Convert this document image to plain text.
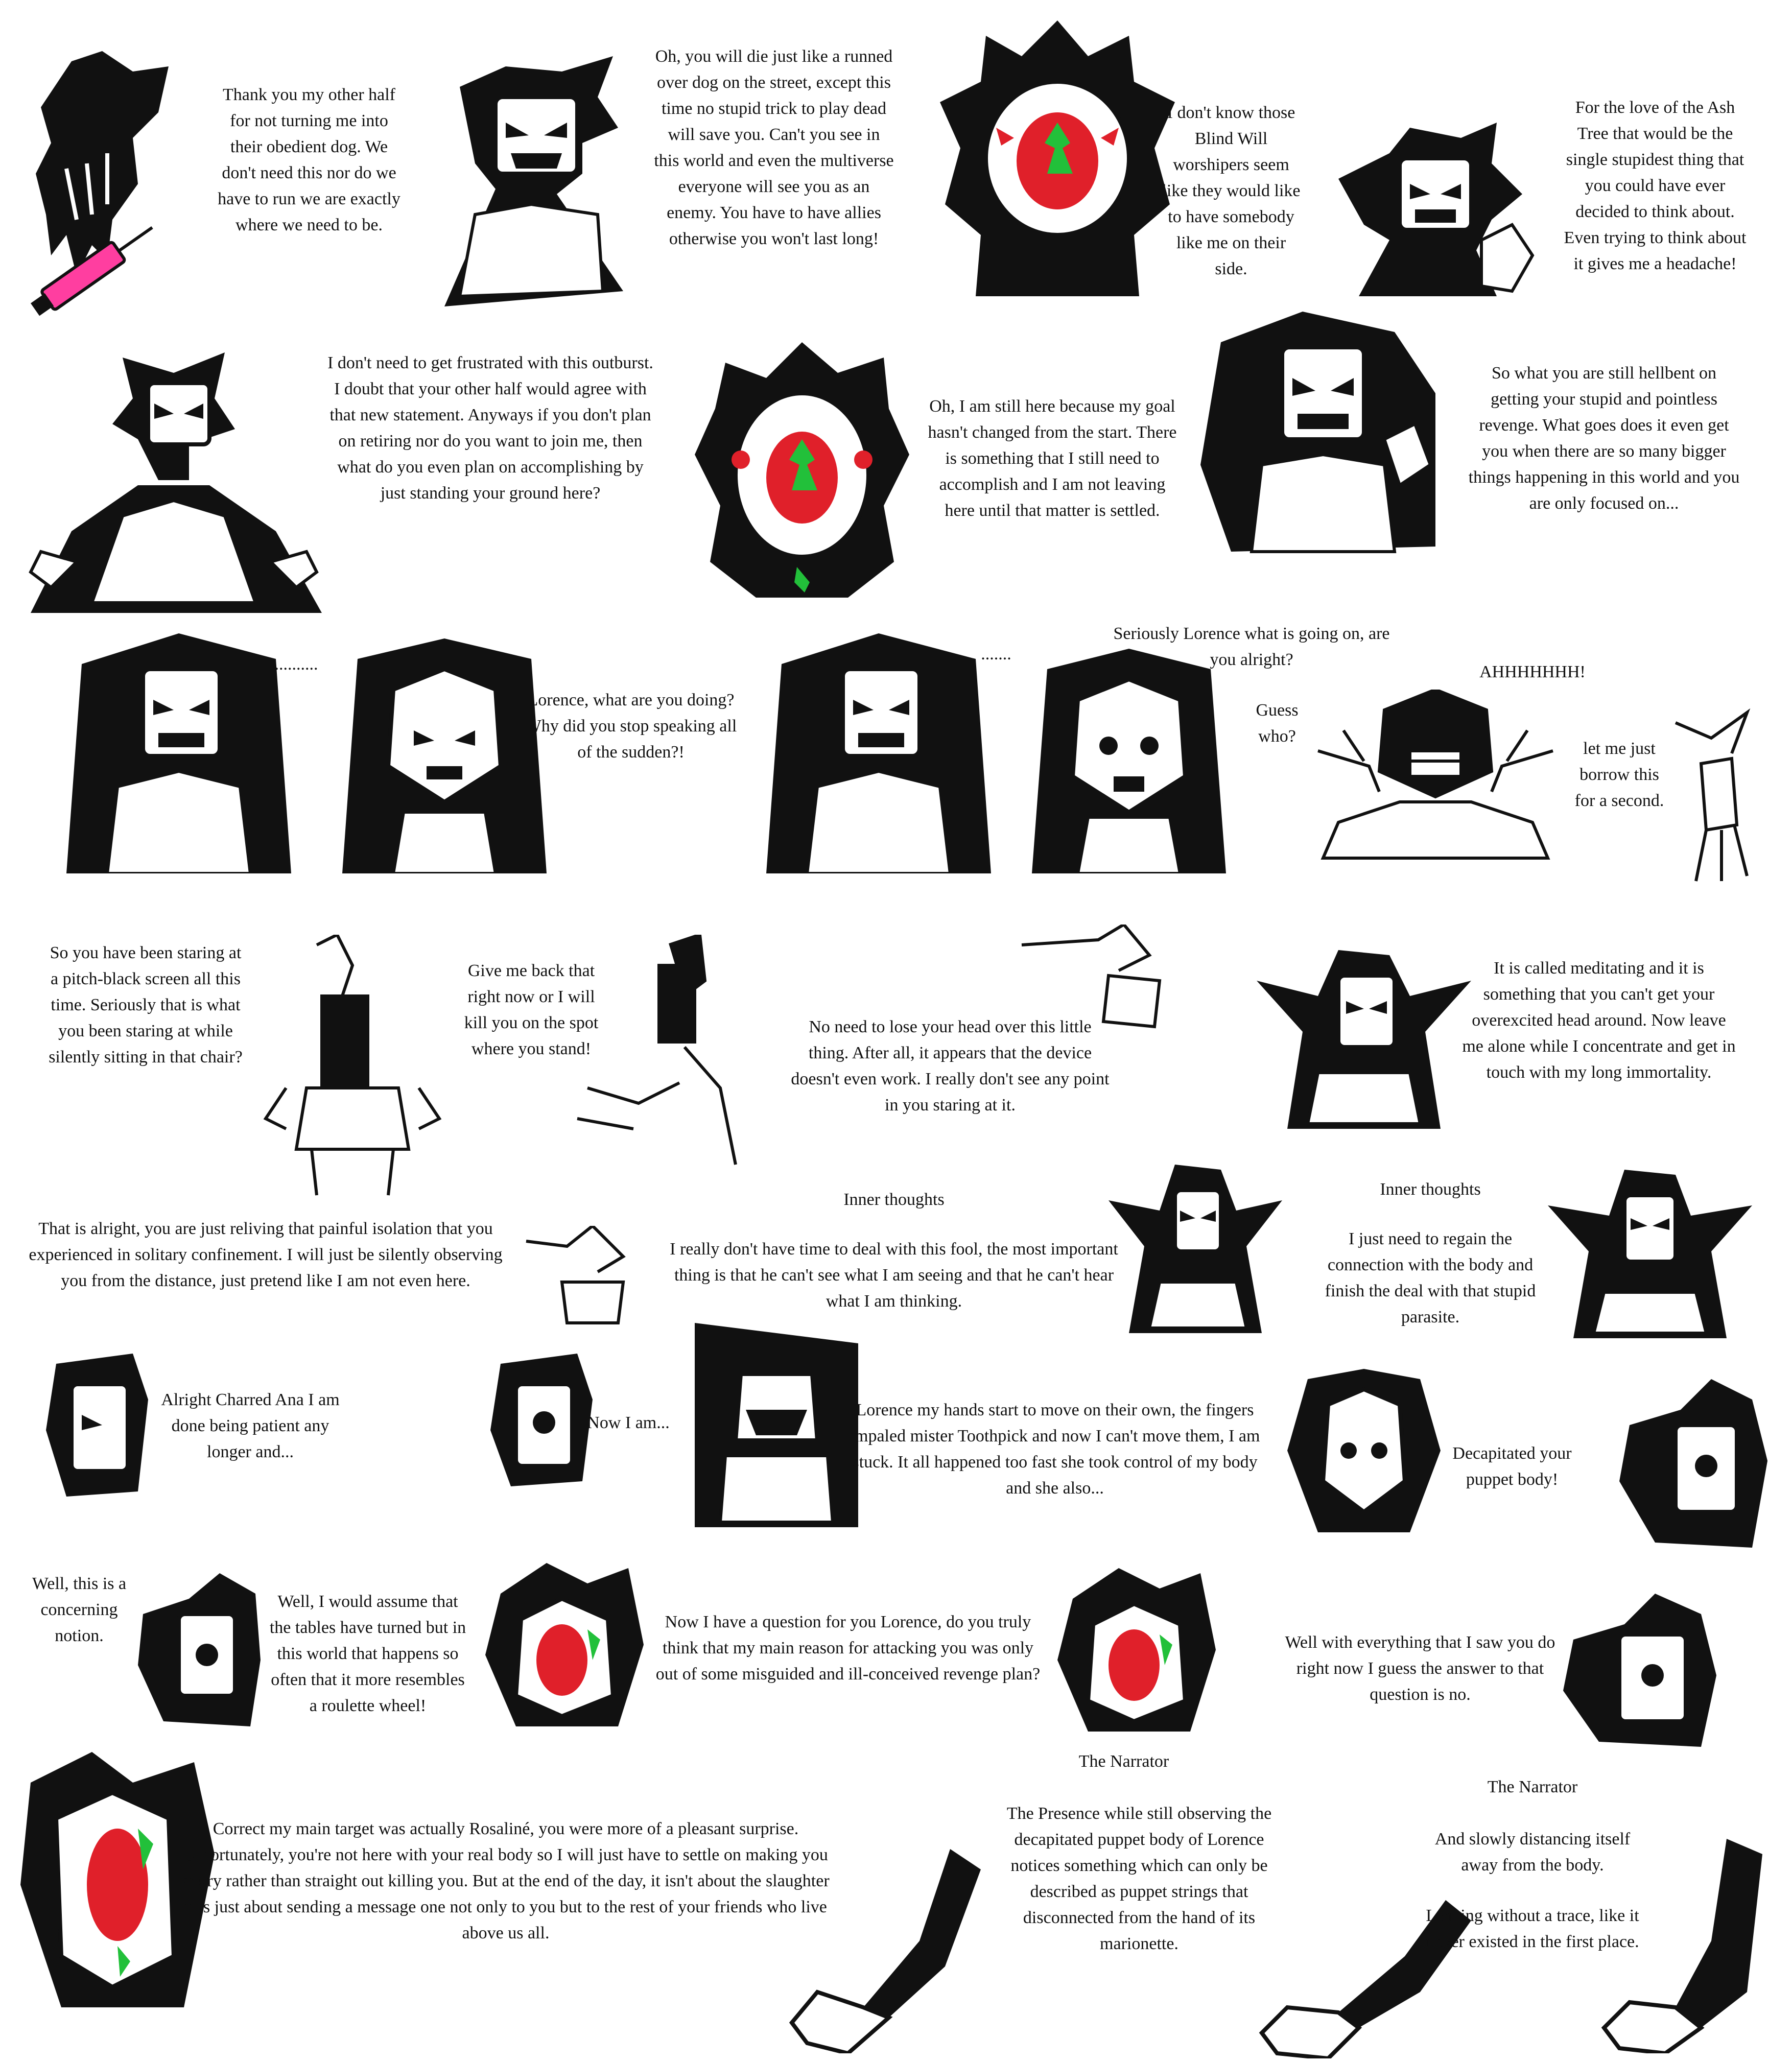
Thank you my other half for not turning me into their obedient dog. We don't need this nor do we have to run we are exactly where we need to be.
Oh, you will die just like a runned over dog on the street, except this time no stupid trick to play dead will save you. Can't you see in this world and even the multiverse everyone will see you as an enemy. You have to have allies otherwise you won't last long!
I don't know those Blind Will worshipers seem like they would like to have somebody like me on their side.
For the love of the Ash Tree that would be the single stupidest thing that you could have ever decided to think about. Even trying to think about it gives me a headache!
I don't need to get frustrated with this outburst. I doubt that your other half would agree with that new statement. Anyways if you don't plan on retiring nor do you want to join me, then what do you even plan on accomplishing by just standing your ground here?
Oh, I am still here because my goal hasn't changed from the start. There is something that I still need to accomplish and I am not leaving here until that matter is settled.
So what you are still hellbent on getting your stupid and pointless revenge. What goes does it even get you when there are so many bigger things happening in this world and you are only focused on...
..........
Lorence, what are you doing? Why did you stop speaking all of the sudden?!
.......
Seriously Lorence what is going on, are you alright?
Guess who?
AHHHHHHH!
let me just borrow this for a second.
So you have been staring at a pitch-black screen all this time. Seriously that is what you been staring at while silently sitting in that chair?
Give me back that right now or I will kill you on the spot where you stand!
No need to lose your head over this little thing. After all, it appears that the device doesn't even work. I really don't see any point in you staring at it.
It is called meditating and it is something that you can't get your overexcited head around. Now leave me alone while I concentrate and get in touch with my long immortality.
That is alright, you are just reliving that painful isolation that you experienced in solitary confinement. I will just be silently observing you from the distance, just pretend like I am not even here.
Inner thoughts
I really don't have time to deal with this fool, the most important thing is that he can't see what I am seeing and that he can't hear what I am thinking.
Inner thoughts
I just need to regain the connection with the body and finish the deal with that stupid parasite.
Alright Charred Ana I am done being patient any longer and...
Now I am...
Lorence my hands start to move on their own, the fingers impaled mister Toothpick and now I can't move them, I am stuck. It all happened too fast she took control of my body and she also...
Decapitated your puppet body!
Well, this is a concerning notion.
Well, I would assume that the tables have turned but in this world that happens so often that it more resembles a roulette wheel!
Now I have a question for you Lorence, do you truly think that my main reason for attacking you was only out of some misguided and ill-conceived revenge plan?
Well with everything that I saw you do right now I guess the answer to that question is no.
Correct my main target was actually Rosaliné, you were more of a pleasant surprise. Unfortunately, you're not here with your real body so I will just have to settle on making you angry rather than straight out killing you. But at the end of the day, it isn't about the slaughter it is just about sending a message one not only to you but to the rest of your friends who live above us all.
The Narrator
The Presence while still observing the decapitated puppet body of Lorence notices something which can only be described as puppet strings that disconnected from the hand of its marionette.
The Narrator
And slowly distancing itself away from the body.
Leaving without a trace, like it never existed in the first place.
